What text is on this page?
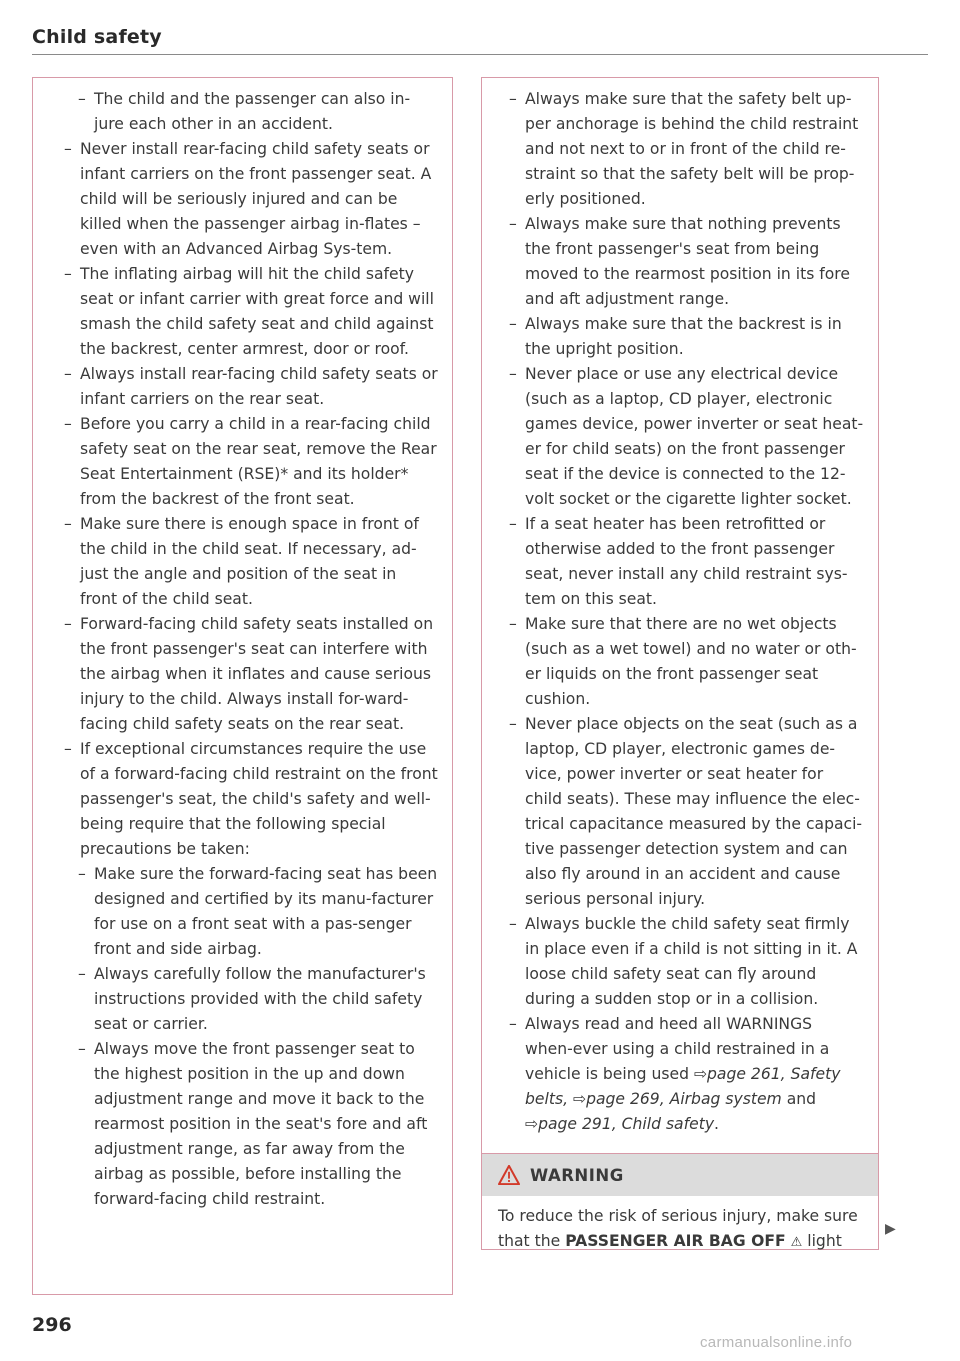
Child safety

– The child and the passenger can also in-jure each other in an accident.

– Never install rear-facing child safety seats or infant carriers on the front passenger seat. A child will be seriously injured and can be killed when the passenger airbag in-flates – even with an Advanced Airbag Sys-tem.

– The inflating airbag will hit the child safety seat or infant carrier with great force and will smash the child safety seat and child against the backrest, center armrest, door or roof.

– Always install rear-facing child safety seats or infant carriers on the rear seat.

– Before you carry a child in a rear-facing child safety seat on the rear seat, remove the Rear Seat Entertainment (RSE)* and its holder* from the backrest of the front seat.

– Make sure there is enough space in front of the child in the child seat. If necessary, ad-just the angle and position of the seat in front of the child seat.

– Forward-facing child safety seats installed on the front passenger's seat can interfere with the airbag when it inflates and cause serious injury to the child. Always install for-ward-facing child safety seats on the rear seat.

– If exceptional circumstances require the use of a forward-facing child restraint on the front passenger's seat, the child's safety and well-being require that the following special precautions be taken:

– Make sure the forward-facing seat has been designed and certified by its manu-facturer for use on a front seat with a pas-senger front and side airbag.

– Always carefully follow the manufacturer's instructions provided with the child safety seat or carrier.

– Always move the front passenger seat to the highest position in the up and down adjustment range and move it back to the rearmost position in the seat's fore and aft adjustment range, as far away from the airbag as possible, before installing the forward-facing child restraint.

– Always make sure that the safety belt up-per anchorage is behind the child restraint and not next to or in front of the child re-straint so that the safety belt will be prop-erly positioned.

– Always make sure that nothing prevents the front passenger's seat from being moved to the rearmost position in its fore and aft adjustment range.

– Always make sure that the backrest is in the upright position.

– Never place or use any electrical device (such as a laptop, CD player, electronic games device, power inverter or seat heat-er for child seats) on the front passenger seat if the device is connected to the 12-volt socket or the cigarette lighter socket.

– If a seat heater has been retrofitted or otherwise added to the front passenger seat, never install any child restraint sys-tem on this seat.

– Make sure that there are no wet objects (such as a wet towel) and no water or oth-er liquids on the front passenger seat cushion.

– Never place objects on the seat (such as a laptop, CD player, electronic games de-vice, power inverter or seat heater for child seats). These may influence the elec-trical capacitance measured by the capaci-tive passenger detection system and can also fly around in an accident and cause serious personal injury.

– Always buckle the child safety seat firmly in place even if a child is not sitting in it. A loose child safety seat can fly around during a sudden stop or in a collision.

– Always read and heed all WARNINGS when-ever using a child restrained in a vehicle is being used ⇨page 261, Safety belts, ⇨page 269, Airbag system and ⇨page 291, Child safety.

WARNING
To reduce the risk of serious injury, make sure that the PASSENGER AIR BAG OFF ⚠ light
▶
296
carmanualsonline.info
